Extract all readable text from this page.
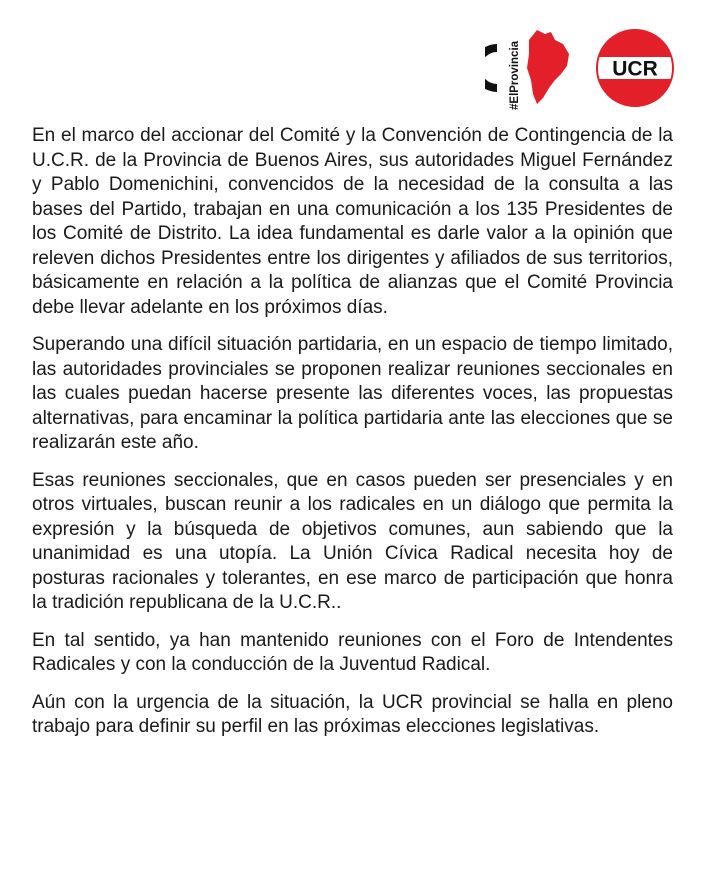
#ElProvincia	UCR

En el marco del accionar del Comité y la Convención de Contingencia de la U.C.R. de la Provincia de Buenos Aires, sus autoridades Miguel Fernández y Pablo Domenichini, convencidos de la necesidad de la consulta a las bases del Partido, trabajan en una comunicación a los 135 Presidentes de los Comité de Distrito. La idea fundamental es darle valor a la opinión que releven dichos Presidentes entre los dirigentes y afiliados de sus territorios, básicamente en relación a la política de alianzas que el Comité Provincia debe llevar adelante en los próximos días.

Superando una difícil situación partidaria, en un espacio de tiempo limitado, las autoridades provinciales se proponen realizar reuniones seccionales en las cuales puedan hacerse presente las diferentes voces, las propuestas alternativas, para encaminar la política partidaria ante las elecciones que se realizarán este año.

Esas reuniones seccionales, que en casos pueden ser presenciales y en otros virtuales, buscan reunir a los radicales en un diálogo que permita la expresión y la búsqueda de objetivos comunes, aun sabiendo que la unanimidad es una utopía. La Unión Cívica Radical necesita hoy de posturas racionales y tolerantes, en ese marco de participación que honra la tradición republicana de la U.C.R..

En tal sentido, ya han mantenido reuniones con el Foro de Intendentes Radicales y con la conducción de la Juventud Radical.

Aún con la urgencia de la situación, la UCR provincial se halla en pleno trabajo para definir su perfil en las próximas elecciones legislativas.
